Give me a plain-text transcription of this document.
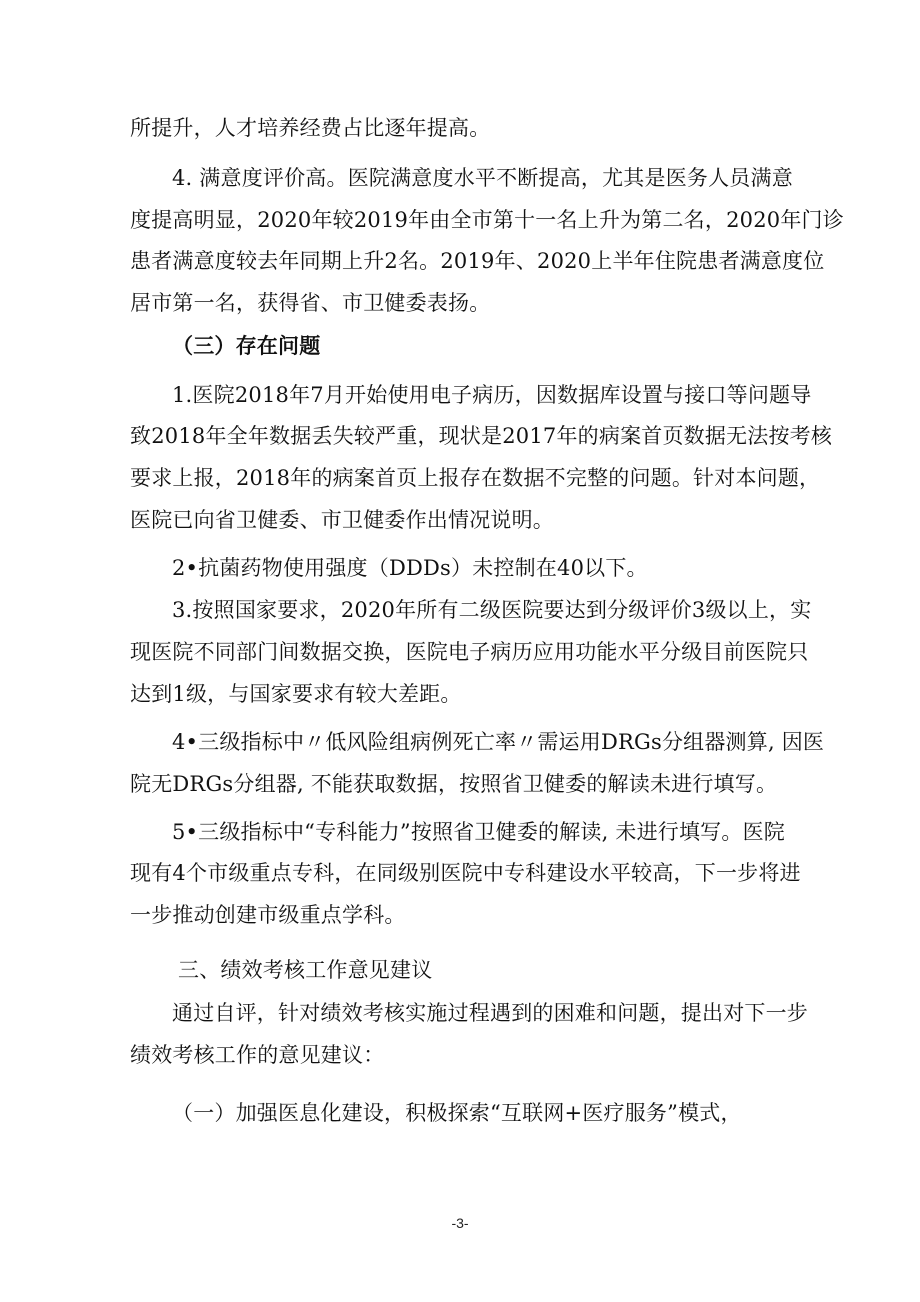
所提升，人才培养经费占比逐年提高。
4. 满意度评价高。医院满意度水平不断提高，尤其是医务人员满意
度提高明显，2020年较2019年由全市第十一名上升为第二名，2020年门诊
患者满意度较去年同期上升2名。2019年、2020上半年住院患者满意度位
居市第一名，获得省、市卫健委表扬。
（三）存在问题
1.医院2018年7月开始使用电子病历，因数据库设置与接口等问题导
致2018年全年数据丢失较严重，现状是2017年的病案首页数据无法按考核
要求上报，2018年的病案首页上报存在数据不完整的问题。针对本问题，
医院已向省卫健委、市卫健委作出情况说明。
2•抗菌药物使用强度（DDDs）未控制在40以下。
3.按照国家要求，2020年所有二级医院要达到分级评价3级以上，实
现医院不同部门间数据交换，医院电子病历应用功能水平分级目前医院只
达到1级，与国家要求有较大差距。
4•三级指标中〃低风险组病例死亡率〃需运用DRGs分组器测算, 因医
院无DRGs分组器, 不能获取数据，按照省卫健委的解读未进行填写。
5•三级指标中“专科能力”按照省卫健委的解读, 未进行填写。医院
现有4个市级重点专科，在同级别医院中专科建设水平较高，下一步将进
一步推动创建市级重点学科。
三、绩效考核工作意见建议
通过自评，针对绩效考核实施过程遇到的困难和问题，提出对下一步
绩效考核工作的意见建议：
（一）加强医息化建设，积极探索“互联网+医疗服务”模式，
-3-
